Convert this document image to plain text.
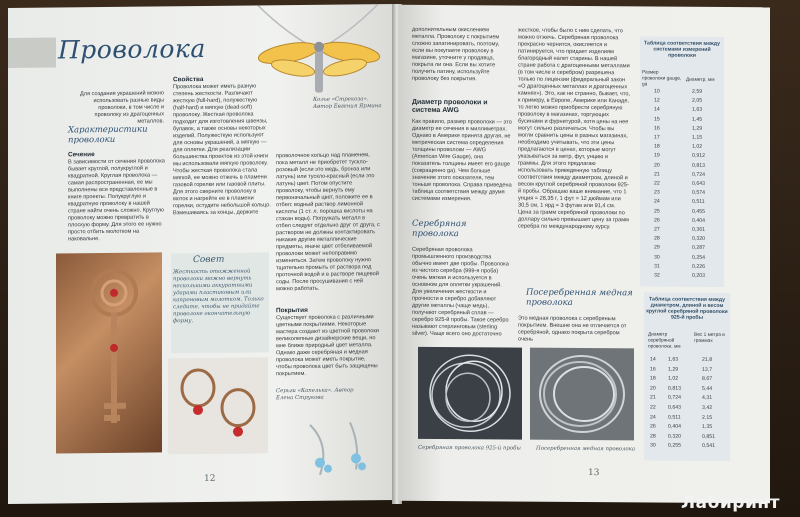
Проволока
Колье «Стрекоза». Автор Евгения Ярмина
Для создания украшений можно использовать разные виды проволоки, в том числе и проволоку из драгоценных металлов.
Характеристики проволоки
Сечение
В зависимости от сечения проволока бывает круглой, полукруглой и квадратной. Круглая проволока — самая распространенная, ее мы выполнены все представленные в книге проекты. Полукруглую и квадратную проволоку в нашей стране найти очень сложно. Круглую проволоку можно превратить в плоскую форму. Для этого ее нужно просто отбить молотком на наковальне.
Свойства
Проволока может иметь разную степень жесткости. Различают жесткую (full-hard), полужесткую (half-hard) и мягкую (dead-soft) проволоку. Жесткая проволока подходит для изготовления швензы, булавок, а также основы некоторых изделий. Полужесткую используют для основы украшений, а мягкую — для оплетки. Для реализации большинства проектов из этой книги мы использовали мягкую проволоку. Чтобы жесткая проволока стала мягкой, ее можно отжечь в пламени газовой горелки или газовой плиты. Для этого сверните проволоку в моток и нагрейте ее в пламени горелки, остудите небольшой кольцо. Взмешиваясь за концы, держите
проволочное кольцо над пламенем, пока металл не приобретет тускло-розовый (если это медь, бронза или латунь) или тускло-красный (если это латунь) цвет. Потом опустите проволоку, чтобы вернуть ему первоначальный цвет, положите ее в отбел: водный раствор лимонной кислоты (1 ст. л. порошка кислоты на стакан воды). Погружать металл в отбел следует отдельно друг от друга, с раствором не должны контактировать никакие другие металлические предметы, иначе цвет отбеливаемой проволоки может непоправимо измениться. Затем проволоку нужно тщательно промыть от раствора под проточной водой и в растворе пищевой соды. После просушивания с ней можно работать.
Покрытия
Существует проволока с различными цветными покрытиями. Некоторые мастера создают из цветной проволоки великолепные дизайнерские вещи, но мне ближе природный цвет металла. Однако даже серебряная и медная проволока может иметь покрытие, чтобы проволока цвет быть защищены покрытием.
Совет
Жесткость отожженной проволоки можно вернуть несколькими аккуратными ударами пластиковым или капроновым молотком. Только следите, чтобы не придайте проволоке окончательную форму.
Серьги «Капелька». Автор Елена Струкова
12
дополнительным окислением металла. Проволоку с покрытием сложно запатинировать, поэтому, если вы покупаете проволоку в магазине, уточните у продавца, покрыта ли она. Если вы хотите получить патину, используйте проволоку без покрытия.
Диаметр проволоки и система AWG
Как правило, размер проволоки — это диаметр ее сечения в миллиметрах. Однако в Америке принята другая, не метрическая система определения толщины проволоки — AWG (American Wire Gauge), она показатель толщины имеет его gauge (сокращенно ga). Чем больше значение этого показателя, тем тоньше проволока. Справа приведена таблица соответствия между двумя системами измерения.
Серебряная проволока
Серебряная проволока промышленного производства обычно имеет две пробы. Проволока из чистого серебра (999-я проба) очень мягкая и используется в основном для оплетки украшений. Для увеличения жесткости и прочности в серебро добавляют другие металлы (чаще медь), получают серебряный сплав — серебро 925-й пробы. Такое серебро называют стерлинговым (sterling silver). Чаще всего оно достаточно
жесткое, чтобы было с ним сделать, что можно отжечь. Серебряная проволока прекрасно чернится, окисляется и патинируется, что придает изделиям благородный налет старины. В нашей стране работа с драгоценными металлами (в том числе и серебром) разрешена только по лицензии (федеральный закон «О драгоценных металлах и драгоценных камнях»). Это, как ни странно, бывает, что, к примеру, в Европе, Америке или Канаде, то легко можно приобрести серебряную проволоку в магазинах, торгующих бусинами и фурнитурой, хотя цены на нее могут сильно различаться. Чтобы вы могли сравнить цены в разных магазинах, необходимо учитывать, что эти цены предлагаются в ценах, которые могут указываться за метр, фут, унцию и граммы. Для этого предлагаю использовать приведенную таблицу соответствия между диаметром, длиной и весом круглой серебряной проволоки 925-й пробы. Обращаю ваше внимание, что 1 унция = 28,35 г, 1 фут = 12 дюймам или 30,5 см, 1 ярд = 3 футам или 91,4 см. Цена за грамм серебряной проволоки по доллару сильно превышает цену за грамм серебра по международному курсу.
Посеребренная медная проволока
Это медная проволока с серебряным покрытием. Внешне она не отличается от серебряной, однако покрыта серебром очень
Серебряная проволока 925-й пробы	Посеребренная медная проволока
Таблица соответствия между системами измерений проволоки
Размер проволоки gauge, ga
Диаметр, мм
10	2,59
12	2,05
14	1,63
15	1,45
16	1,29
17	1,15
18	1,02
19	0,912
20	0,813
21	0,724
22	0,643
23	0,574
24	0,511
25	0,455
26	0,404
27	0,361
28	0,320
29	0,287
30	0,254
31	0,226
32	0,203
Таблица соответствия между диаметром, длиной и весом круглой серебряной проволоки 925-й пробы
Диаметр серебряной проволоки, мм
Вес 1 метра в граммах
14 1,63	21,8
16 1,29	13,7
18 1,02	8,67
20 0,813	5,44
21 0,724	4,31
22 0,643	3,42
24 0,511	2,15
26 0,404	1,35
28 0,320	0,851
30 0,255	0,541
13
Лабиринт
